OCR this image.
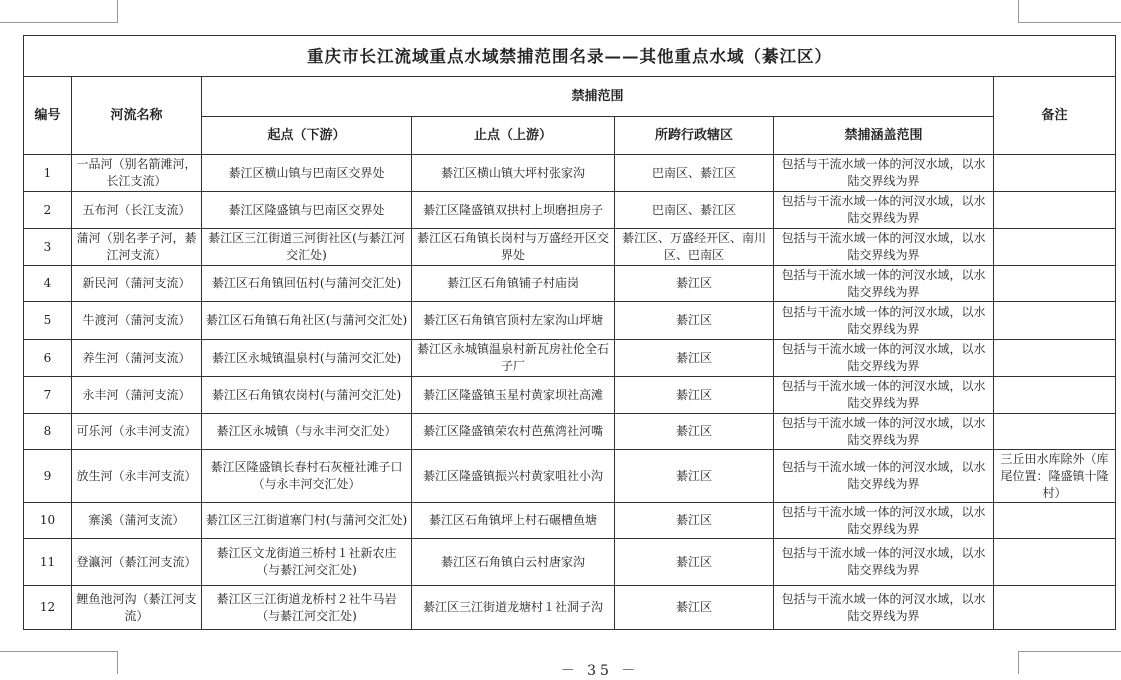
重庆市长江流域重点水域禁捕范围名录——其他重点水域（綦江区）						
编号	河流名称	禁捕范围				备注
		起点（下游）	止点（上游）	所跨行政辖区	禁捕涵盖范围	
1	一品河（别名箭滩河，长江支流）	綦江区横山镇与巴南区交界处	綦江区横山镇大坪村张家沟	巴南区、綦江区	包括与干流水域一体的河汊水域，以水陆交界线为界	
2	五布河（长江支流）	綦江区隆盛镇与巴南区交界处	綦江区隆盛镇双拱村上坝磨担房子	巴南区、綦江区	包括与干流水域一体的河汊水域，以水陆交界线为界	
3	蒲河（别名孝子河，綦江河支流）	綦江区三江街道三河街社区(与綦江河交汇处)	綦江区石角镇长岗村与万盛经开区交界处	綦江区、万盛经开区、南川区、巴南区	包括与干流水域一体的河汊水域，以水陆交界线为界	
4	新民河（蒲河支流）	綦江区石角镇回伍村(与蒲河交汇处)	綦江区石角镇铺子村庙岗	綦江区	包括与干流水域一体的河汊水域，以水陆交界线为界	
5	牛渡河（蒲河支流）	綦江区石角镇石角社区(与蒲河交汇处)	綦江区石角镇官顶村左家沟山坪塘	綦江区	包括与干流水域一体的河汊水域，以水陆交界线为界	
6	养生河（蒲河支流）	綦江区永城镇温泉村(与蒲河交汇处)	綦江区永城镇温泉村新瓦房社伦全石子厂	綦江区	包括与干流水域一体的河汊水域，以水陆交界线为界	
7	永丰河（蒲河支流）	綦江区石角镇农岗村(与蒲河交汇处)	綦江区隆盛镇玉星村黄家坝社高滩	綦江区	包括与干流水域一体的河汊水域，以水陆交界线为界	
8	可乐河（永丰河支流）	綦江区永城镇（与永丰河交汇处）	綦江区隆盛镇荣农村芭蕉湾社河嘴	綦江区	包括与干流水域一体的河汊水域，以水陆交界线为界	
9	放生河（永丰河支流）	綦江区隆盛镇长春村石灰桠社滩子口（与永丰河交汇处）	綦江区隆盛镇振兴村黄家咀社小沟	綦江区	包括与干流水域一体的河汊水域，以水陆交界线为界	三丘田水库除外（库尾位置：隆盛镇十隆村）
10	寨溪（蒲河支流）	綦江区三江街道寨门村(与蒲河交汇处)	綦江区石角镇坪上村石碾槽鱼塘	綦江区	包括与干流水域一体的河汊水域，以水陆交界线为界	
11	登瀛河（綦江河支流）	綦江区文龙街道三桥村１社新农庄（与綦江河交汇处)	綦江区石角镇白云村唐家沟	綦江区	包括与干流水域一体的河汊水域，以水陆交界线为界	
12	鲤鱼池河沟（綦江河支流）	綦江区三江街道龙桥村２社牛马岩（与綦江河交汇处)	綦江区三江街道龙塘村１社洞子沟	綦江区	包括与干流水域一体的河汊水域，以水陆交界线为界	
－ 35 －
